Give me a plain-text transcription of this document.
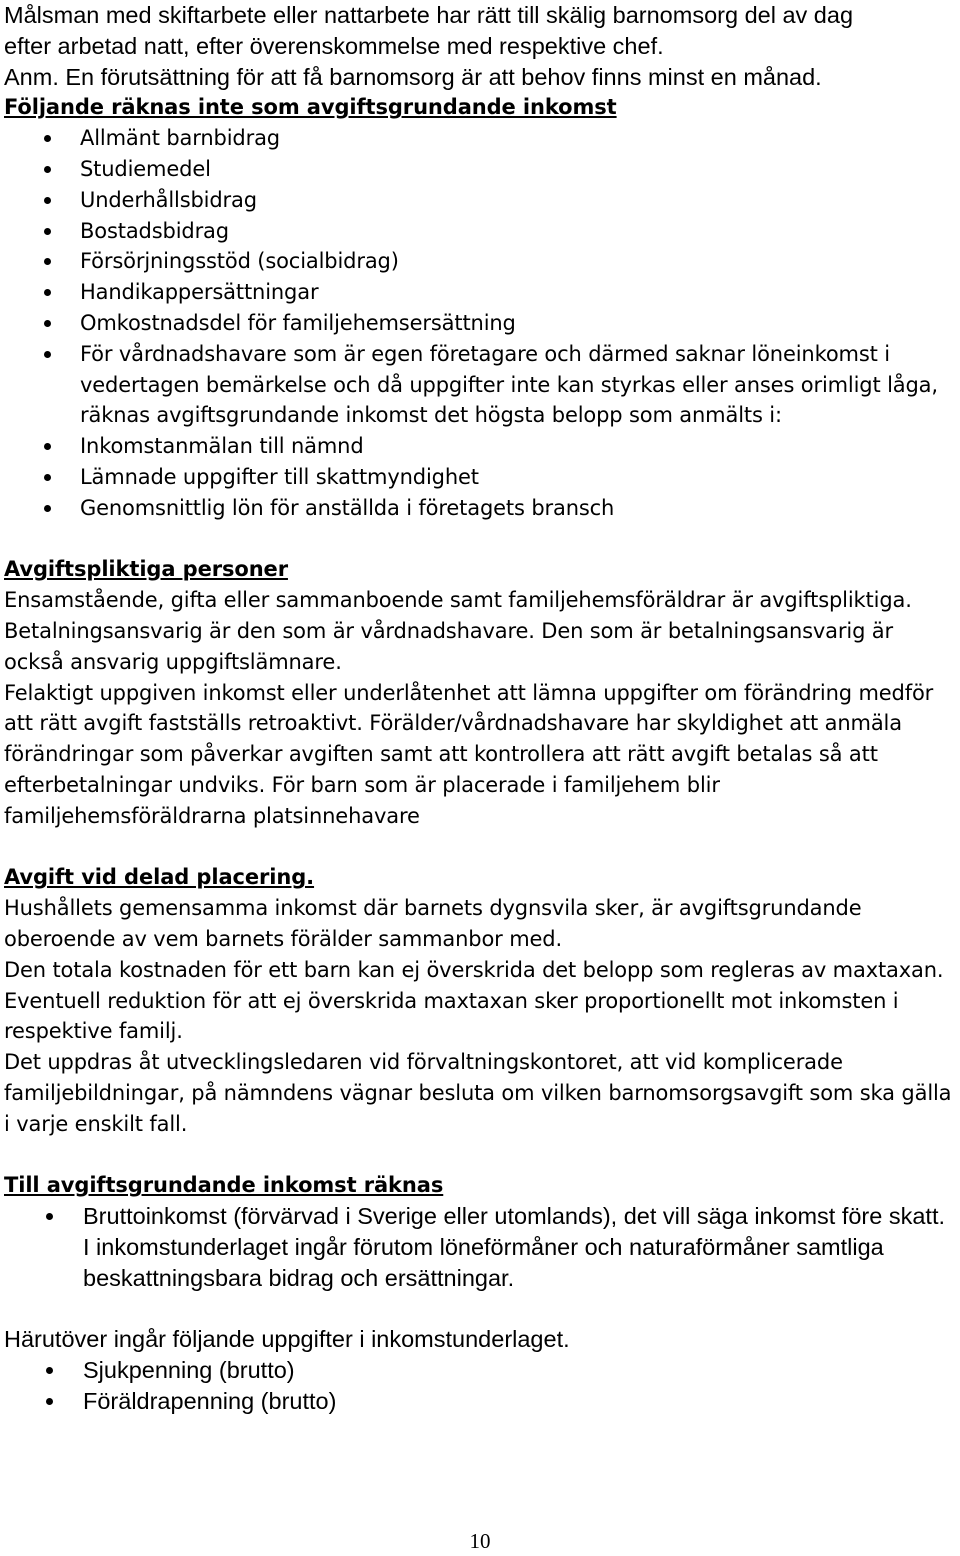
Målsman med skiftarbete eller nattarbete har rätt till skälig barnomsorg del av dag

efter arbetad natt, efter överenskommelse med respektive chef.

Anm. En förutsättning för att få barnomsorg är att behov finns minst en månad.

Följande räknas inte som avgiftsgrundande inkomst
Allmänt barnbidrag
Studiemedel
Underhållsbidrag
Bostadsbidrag
Försörjningsstöd (socialbidrag)
Handikappersättningar
Omkostnadsdel för familjehemsersättning
För vårdnadshavare som är egen företagare och därmed saknar löneinkomst i vedertagen bemärkelse och då uppgifter inte kan styrkas eller anses orimligt låga, räknas avgiftsgrundande inkomst det högsta belopp som anmälts i:
Inkomstanmälan till nämnd
Lämnade uppgifter till skattmyndighet
Genomsnittlig lön för anställda i företagets bransch
Avgiftspliktiga personer

Ensamstående, gifta eller sammanboende samt familjehemsföräldrar är avgiftspliktiga. Betalningsansvarig är den som är vårdnadshavare. Den som är betalningsansvarig är också ansvarig uppgiftslämnare.

Felaktigt uppgiven inkomst eller underlåtenhet att lämna uppgifter om förändring medför att rätt avgift fastställs retroaktivt. Förälder/vårdnadshavare har skyldighet att anmäla förändringar som påverkar avgiften samt att kontrollera att rätt avgift betalas så att efterbetalningar undviks. För barn som är placerade i familjehem blir familjehemsföräldrarna platsinnehavare

Avgift vid delad placering.

Hushållets gemensamma inkomst där barnets dygnsvila sker, är avgiftsgrundande oberoende av vem barnets förälder sammanbor med.

Den totala kostnaden för ett barn kan ej överskrida det belopp som regleras av maxtaxan. Eventuell reduktion för att ej överskrida maxtaxan sker proportionellt mot inkomsten i respektive familj.

Det uppdras åt utvecklingsledaren vid förvaltningskontoret, att vid komplicerade familjebildningar, på nämndens vägnar besluta om vilken barnomsorgsavgift som ska gälla i varje enskilt fall.

Till avgiftsgrundande inkomst räknas
Bruttoinkomst (förvärvad i Sverige eller utomlands), det vill säga inkomst före skatt.

I inkomstunderlaget ingår förutom löneförmåner och naturaförmåner samtliga beskattningsbara bidrag och ersättningar.

Härutöver ingår följande uppgifter i inkomstunderlaget.

Sjukpenning (brutto)
Föräldrapenning (brutto)
10
